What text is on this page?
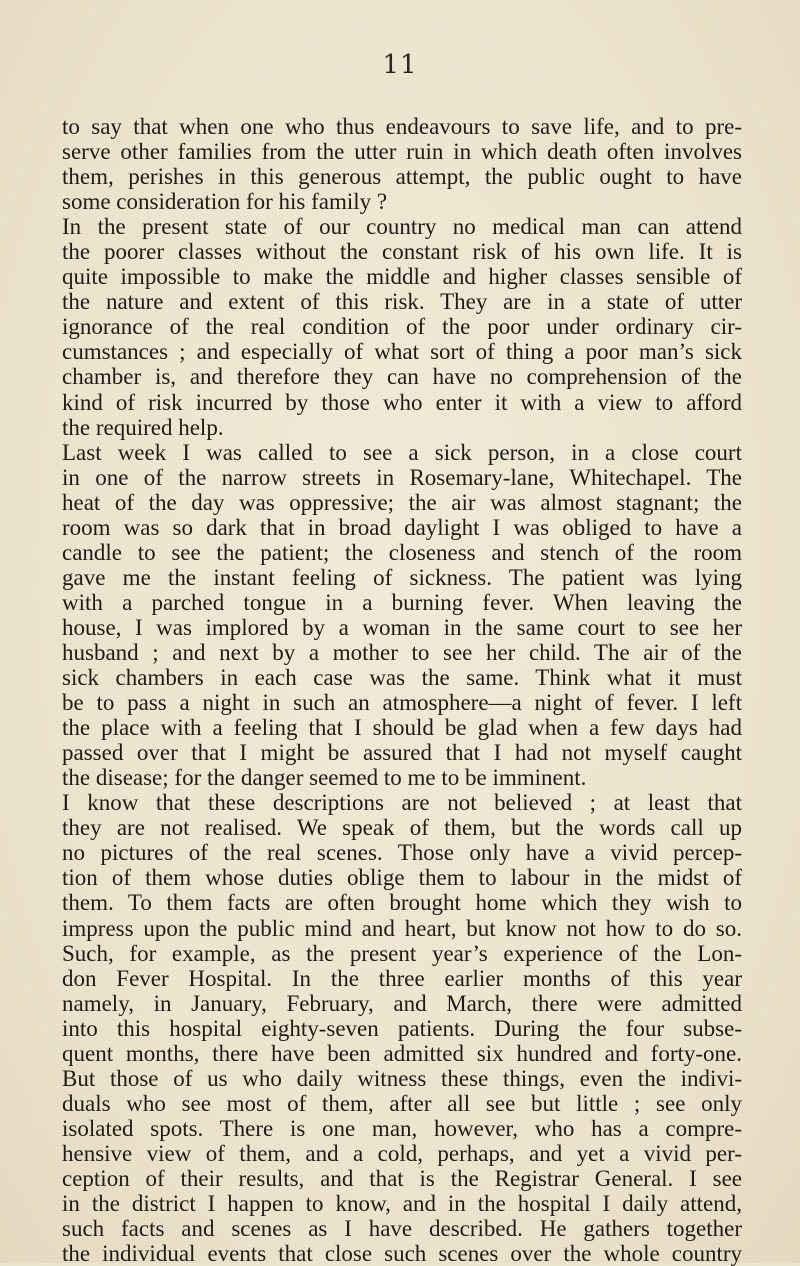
11
to say that when one who thus endeavours to save life, and to pre-
serve other families from the utter ruin in which death often involves
them, perishes in this generous attempt, the public ought to have
some consideration for his family ?
In the present state of our country no medical man can attend
the poorer classes without the constant risk of his own life. It is
quite impossible to make the middle and higher classes sensible of
the nature and extent of this risk. They are in a state of utter
ignorance of the real condition of the poor under ordinary cir-
cumstances ; and especially of what sort of thing a poor man’s sick
chamber is, and therefore they can have no comprehension of the
kind of risk incurred by those who enter it with a view to afford
the required help.
Last week I was called to see a sick person, in a close court
in one of the narrow streets in Rosemary-lane, Whitechapel. The
heat of the day was oppressive; the air was almost stagnant; the
room was so dark that in broad daylight I was obliged to have a
candle to see the patient; the closeness and stench of the room
gave me the instant feeling of sickness. The patient was lying
with a parched tongue in a burning fever. When leaving the
house, I was implored by a woman in the same court to see her
husband ; and next by a mother to see her child. The air of the
sick chambers in each case was the same. Think what it must
be to pass a night in such an atmosphere—a night of fever. I left
the place with a feeling that I should be glad when a few days had
passed over that I might be assured that I had not myself caught
the disease; for the danger seemed to me to be imminent.
I know that these descriptions are not believed ; at least that
they are not realised. We speak of them, but the words call up
no pictures of the real scenes. Those only have a vivid percep-
tion of them whose duties oblige them to labour in the midst of
them. To them facts are often brought home which they wish to
impress upon the public mind and heart, but know not how to do so.
Such, for example, as the present year’s experience of the Lon-
don Fever Hospital. In the three earlier months of this year
namely, in January, February, and March, there were admitted
into this hospital eighty-seven patients. During the four subse-
quent months, there have been admitted six hundred and forty-one.
But those of us who daily witness these things, even the indivi-
duals who see most of them, after all see but little ; see only
isolated spots. There is one man, however, who has a compre-
hensive view of them, and a cold, perhaps, and yet a vivid per-
ception of their results, and that is the Registrar General. I see
in the district I happen to know, and in the hospital I daily attend,
such facts and scenes as I have described. He gathers together
the individual events that close such scenes over the whole country
